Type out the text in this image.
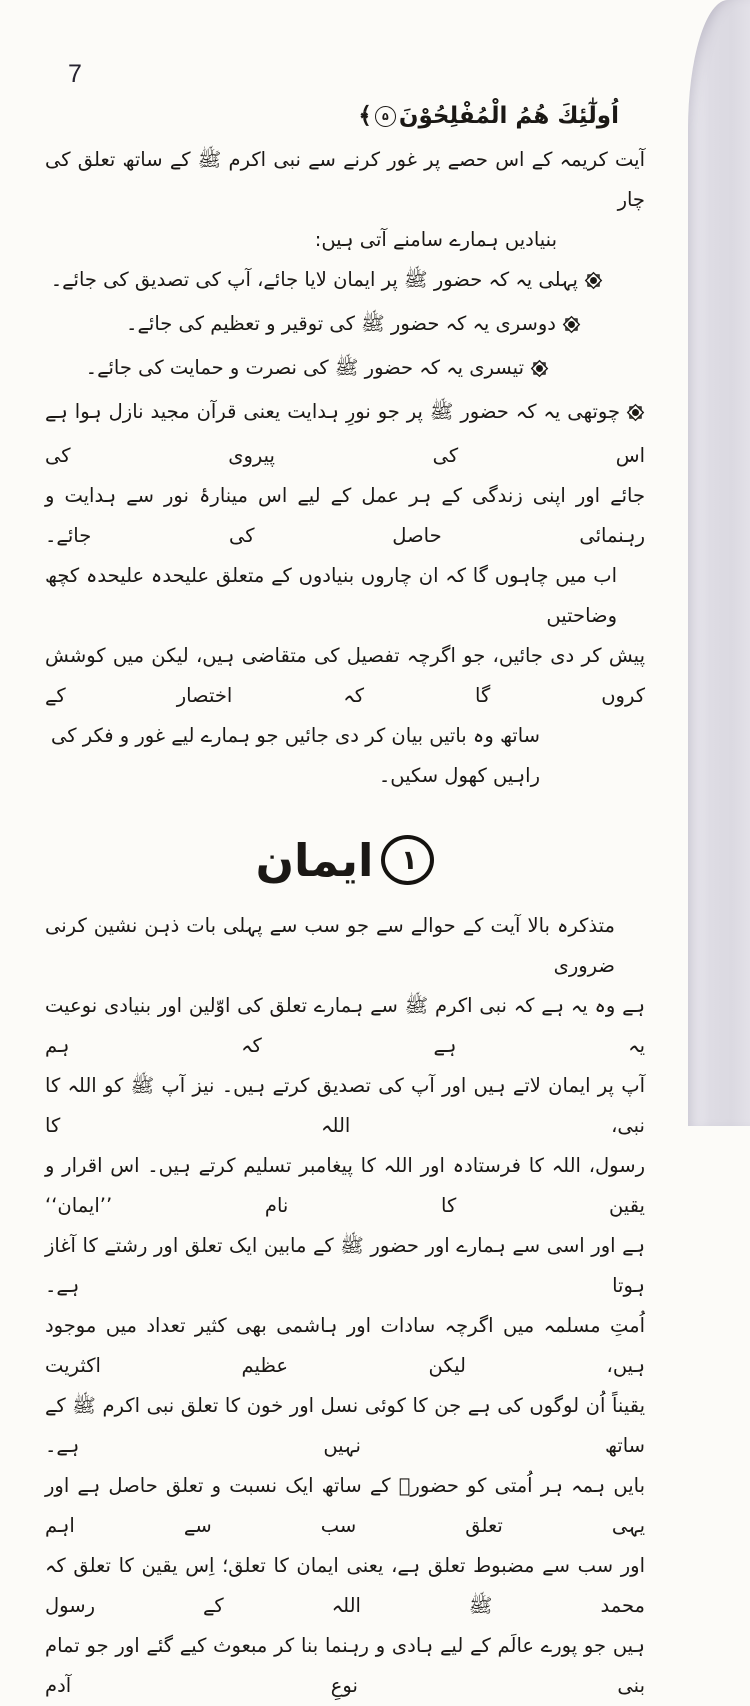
7
اُولٰٓئِكَ هُمُ الْمُفْلِحُوْنَ۵﴾
آیت کریمہ کے اس حصے پر غور کرنے سے نبی اکرم ﷺ کے ساتھ تعلق کی چار
بنیادیں ہمارے سامنے آتی ہیں:
پہلی یہ کہ حضور ﷺ پر ایمان لایا جائے، آپ کی تصدیق کی جائے۔
دوسری یہ کہ حضور ﷺ کی توقیر و تعظیم کی جائے۔
تیسری یہ کہ حضور ﷺ کی نصرت و حمایت کی جائے۔
چوتھی یہ کہ حضور ﷺ پر جو نورِ ہدایت یعنی قرآن مجید نازل ہوا ہے اس کی پیروی کی
جائے اور اپنی زندگی کے ہر عمل کے لیے اس مینارۂ نور سے ہدایت و رہنمائی حاصل کی جائے۔
اب میں چاہوں گا کہ ان چاروں بنیادوں کے متعلق علیحدہ علیحدہ کچھ وضاحتیں
پیش کر دی جائیں، جو اگرچہ تفصیل کی متقاضی ہیں، لیکن میں کوشش کروں گا کہ اختصار کے
ساتھ وہ باتیں بیان کر دی جائیں جو ہمارے لیے غور و فکر کی راہیں کھول سکیں۔
۱
ایمان
متذکرہ بالا آیت کے حوالے سے جو سب سے پہلی بات ذہن نشین کرنی ضروری
ہے وہ یہ ہے کہ نبی اکرم ﷺ سے ہمارے تعلق کی اوّلین اور بنیادی نوعیت یہ ہے کہ ہم
آپ پر ایمان لاتے ہیں اور آپ کی تصدیق کرتے ہیں۔ نیز آپ ﷺ کو اللہ کا نبی، اللہ کا
رسول، اللہ کا فرستادہ اور اللہ کا پیغامبر تسلیم کرتے ہیں۔ اس اقرار و یقین کا نام ’’ایمان‘‘
ہے اور اسی سے ہمارے اور حضور ﷺ کے مابین ایک تعلق اور رشتے کا آغاز ہوتا ہے۔
اُمتِ مسلمہ میں اگرچہ سادات اور ہاشمی بھی کثیر تعداد میں موجود ہیں، لیکن عظیم اکثریت
یقیناً اُن لوگوں کی ہے جن کا کوئی نسل اور خون کا تعلق نبی اکرم ﷺ کے ساتھ نہیں ہے۔
بایں ہمہ ہر اُمتی کو حضورؐ کے ساتھ ایک نسبت و تعلق حاصل ہے اور یہی تعلق سب سے اہم
اور سب سے مضبوط تعلق ہے، یعنی ایمان کا تعلق؛ اِس یقین کا تعلق کہ محمد ﷺ اللہ کے رسول
ہیں جو پورے عالَم کے لیے ہادی و رہنما بنا کر مبعوث کیے گئے اور جو تمام بنی نوعِ آدم
